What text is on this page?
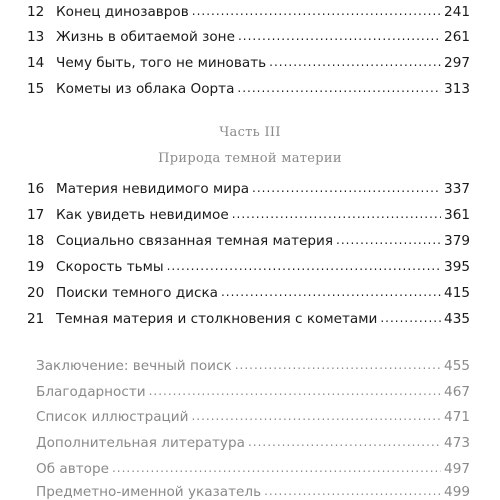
12 Конец динозавров .....	241
13 Жизнь в обитаемой зоне .....	261
14 Чему быть, того не миновать .....	297
15 Кометы из облака Оорта .....	313
Часть III
Природа темной материи
16 Материя невидимого мира .....	337
17 Как увидеть невидимое .....	361
18 Социально связанная темная материя .....	379
19 Скорость тьмы .....	395
20 Поиски темного диска .....	415
21 Темная материя и столкновения с кометами .....	435
Заключение: вечный поиск .....	455
Благодарности .....	467
Список иллюстраций .....	471
Дополнительная литература .....	473
Об авторе .....	497
Предметно-именной указатель .....	499
